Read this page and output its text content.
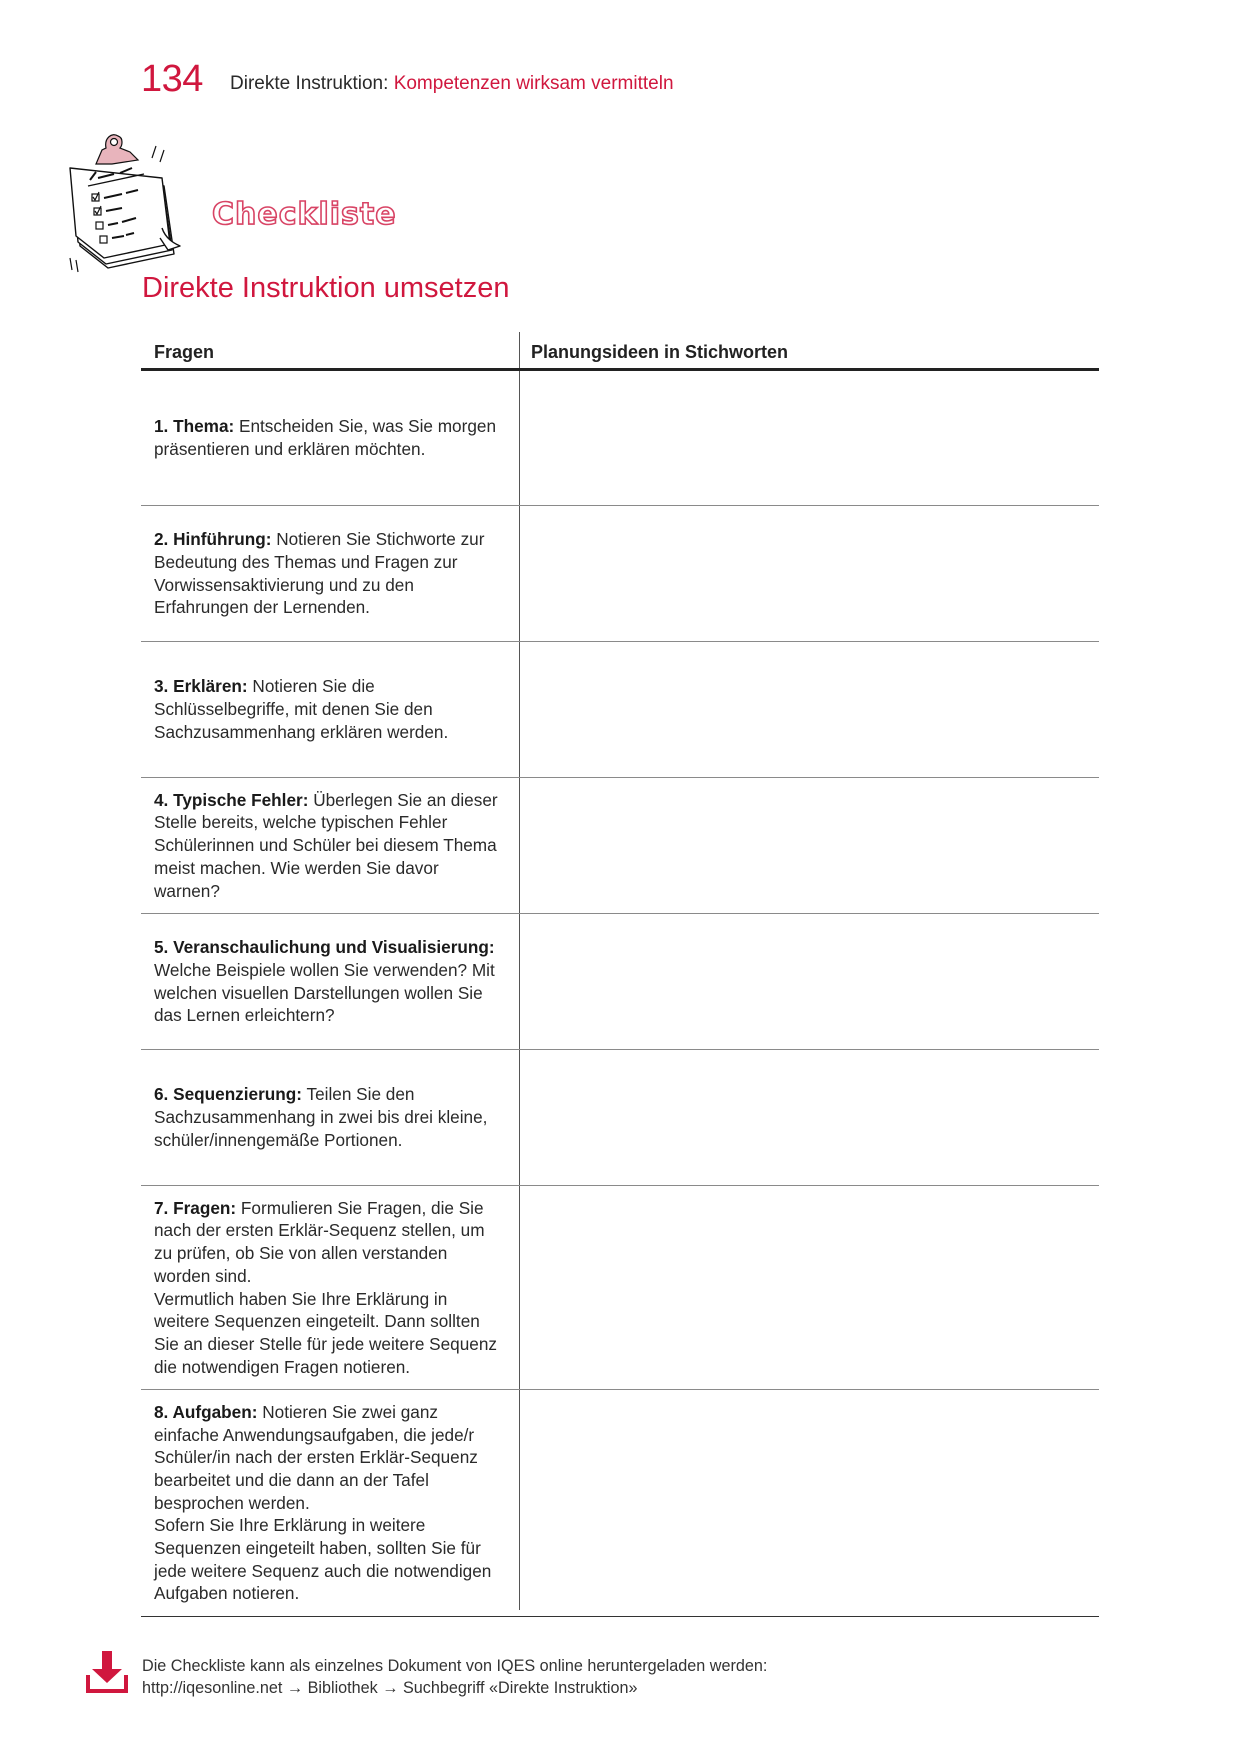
134 Direkte Instruktion: Kompetenzen wirksam vermitteln
Checkliste
Direkte Instruktion umsetzen
Fragen	Planungsideen in Stichworten
1. Thema: Entscheiden Sie, was Sie morgen präsentieren und erklären möchten.
2. Hinführung: Notieren Sie Stichworte zur Bedeutung des Themas und Fragen zur Vorwissensaktivierung und zu den Erfahrungen der Lernenden.
3. Erklären: Notieren Sie die Schlüsselbegriffe, mit denen Sie den Sachzusammenhang erklären werden.
4. Typische Fehler: Überlegen Sie an dieser Stelle bereits, welche typischen Fehler Schülerinnen und Schüler bei diesem Thema meist machen. Wie werden Sie davor warnen?
5. Veranschaulichung und Visualisierung: Welche Beispiele wollen Sie verwenden? Mit welchen visuellen Darstellungen wollen Sie das Lernen erleichtern?
6. Sequenzierung: Teilen Sie den Sachzusammenhang in zwei bis drei kleine, schüler/innengemäße Portionen.
7. Fragen: Formulieren Sie Fragen, die Sie nach der ersten Erklär-Sequenz stellen, um zu prüfen, ob Sie von allen verstanden worden sind.
Vermutlich haben Sie Ihre Erklärung in weitere Sequenzen eingeteilt. Dann sollten Sie an dieser Stelle für jede weitere Sequenz die notwendigen Fragen notieren.
8. Aufgaben: Notieren Sie zwei ganz einfache Anwendungsaufgaben, die jede/r Schüler/in nach der ersten Erklär-Sequenz bearbeitet und die dann an der Tafel besprochen werden.
Sofern Sie Ihre Erklärung in weitere Sequenzen eingeteilt haben, sollten Sie für jede weitere Sequenz auch die notwendigen Aufgaben notieren.
Die Checkliste kann als einzelnes Dokument von IQES online heruntergeladen werden:
http://iqesonline.net → Bibliothek → Suchbegriff «Direkte Instruktion»
